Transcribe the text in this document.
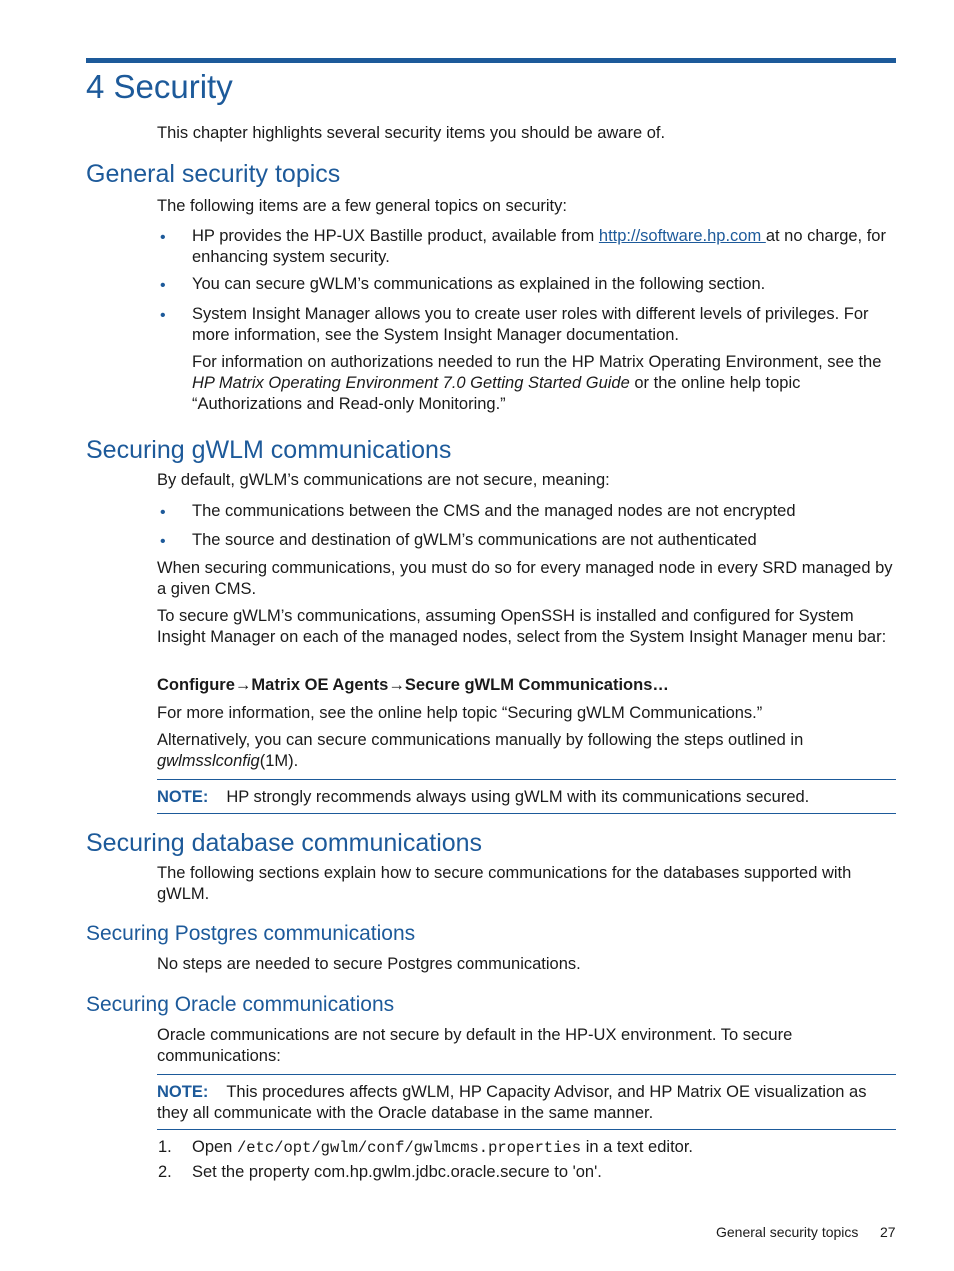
4 Security

This chapter highlights several security items you should be aware of.

General security topics

The following items are a few general topics on security:

• HP provides the HP-UX Bastille product, available from http://software.hp.com at no charge, for enhancing system security.

• You can secure gWLM’s communications as explained in the following section.

• System Insight Manager allows you to create user roles with different levels of privileges. For more information, see the System Insight Manager documentation.

For information on authorizations needed to run the HP Matrix Operating Environment, see the HP Matrix Operating Environment 7.0 Getting Started Guide or the online help topic “Authorizations and Read-only Monitoring.”

Securing gWLM communications

By default, gWLM’s communications are not secure, meaning:

• The communications between the CMS and the managed nodes are not encrypted

• The source and destination of gWLM’s communications are not authenticated

When securing communications, you must do so for every managed node in every SRD managed by a given CMS.

To secure gWLM’s communications, assuming OpenSSH is installed and configured for System Insight Manager on each of the managed nodes, select from the System Insight Manager menu bar:

Configure→Matrix OE Agents→Secure gWLM Communications…

For more information, see the online help topic “Securing gWLM Communications.”

Alternatively, you can secure communications manually by following the steps outlined in gwlmsslconfig(1M).

NOTE: HP strongly recommends always using gWLM with its communications secured.
Securing database communications

The following sections explain how to secure communications for the databases supported with gWLM.

Securing Postgres communications

No steps are needed to secure Postgres communications.

Securing Oracle communications

Oracle communications are not secure by default in the HP-UX environment. To secure communications:

NOTE: This procedures affects gWLM, HP Capacity Advisor, and HP Matrix OE visualization as they all communicate with the Oracle database in the same manner.
1. Open /etc/opt/gwlm/conf/gwlmcms.properties in a text editor.

2. Set the property com.hp.gwlm.jdbc.oracle.secure to 'on'.

General security topics 27
